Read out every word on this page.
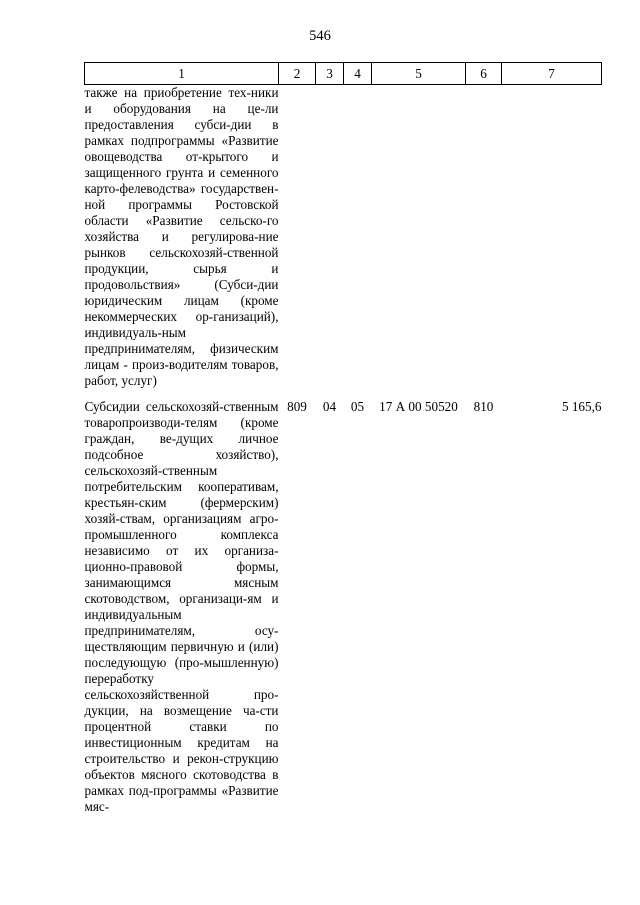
546
1	2	3	4	5	6	7

также на приобретение тех-ники и оборудования на це-ли предоставления субси-дии в рамках подпрограммы «Развитие овощеводства от-крытого и защищенного грунта и семенного карто-фелеводства» государствен-ной программы Ростовской области «Развитие сельско-го хозяйства и регулирова-ние рынков сельскохозяй-ственной продукции, сырья и продовольствия» (Субси-дии юридическим лицам (кроме некоммерческих ор-ганизаций), индивидуаль-ным предпринимателям, физическим лицам - произ-водителям товаров, работ, услуг)						

Субсидии сельскохозяй-ственным товаропроизводи-телям (кроме граждан, ве-дущих личное подсобное хозяйство), сельскохозяй-ственным потребительским кооперативам, крестьян-ским (фермерским) хозяй-ствам, организациям агро-промышленного комплекса независимо от их организа-ционно-правовой формы, занимающимся мясным скотоводством, организаци-ям и индивидуальным предпринимателям, осу-ществляющим первичную и (или) последующую (про-мышленную) переработку сельскохозяйственной про-дукции, на возмещение ча-сти процентной ставки по инвестиционным кредитам на строительство и рекон-струкцию объектов мясного скотоводства в рамках под-программы «Развитие мяс-	809	04	05	17 А 00 50520	810	5 165,6
